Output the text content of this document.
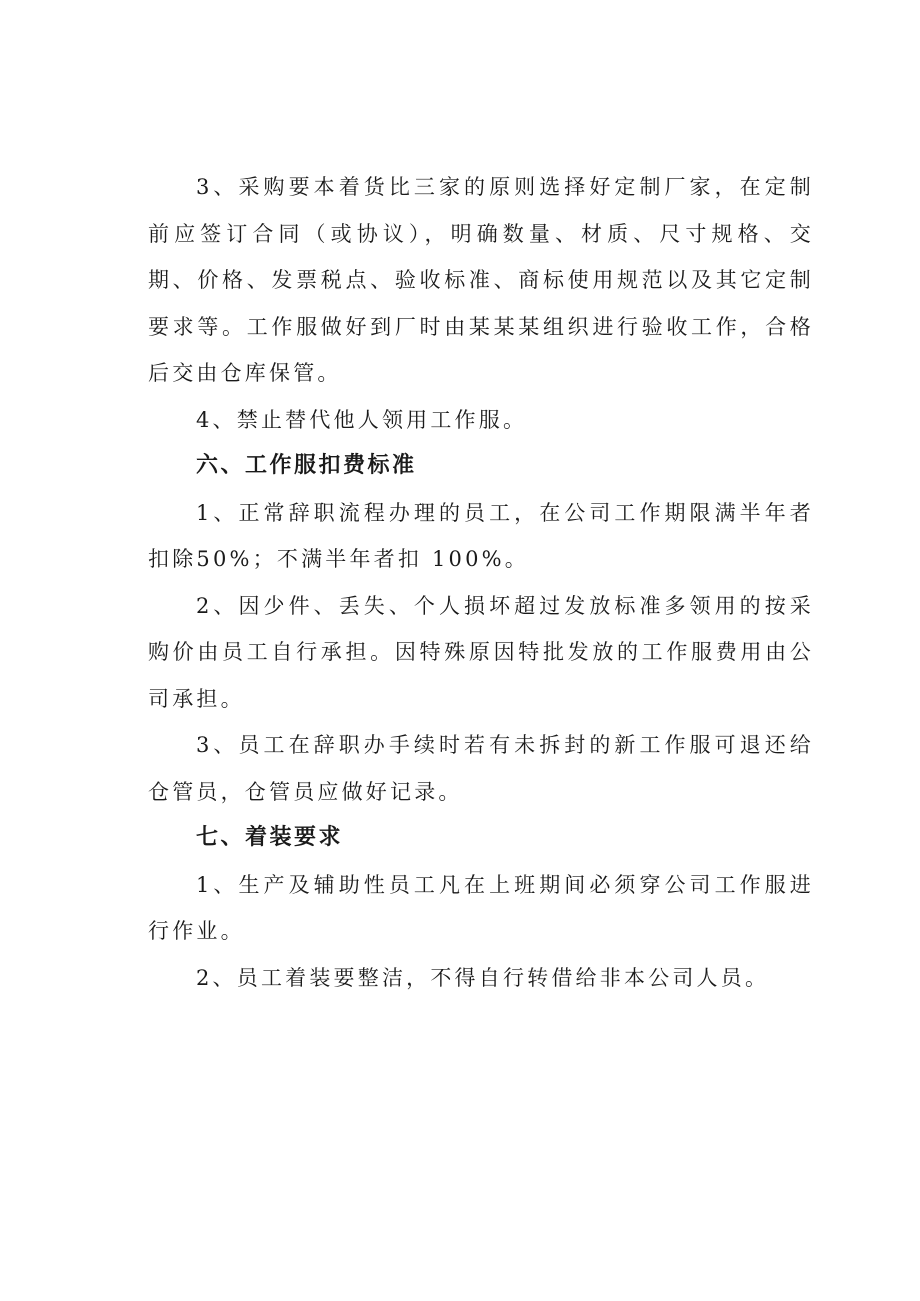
3、采购要本着货比三家的原则选择好定制厂家，在定制前应签订合同（或协议），明确数量、材质、尺寸规格、交期、价格、发票税点、验收标准、商标使用规范以及其它定制要求等。工作服做好到厂时由某某某组织进行验收工作，合格后交由仓库保管。

4、禁止替代他人领用工作服。

六、工作服扣费标准

1、正常辞职流程办理的员工，在公司工作期限满半年者扣除50%；不满半年者扣 100%。

2、因少件、丢失、个人损坏超过发放标准多领用的按采购价由员工自行承担。因特殊原因特批发放的工作服费用由公司承担。

3、员工在辞职办手续时若有未拆封的新工作服可退还给仓管员，仓管员应做好记录。

七、着装要求

1、生产及辅助性员工凡在上班期间必须穿公司工作服进行作业。

2、员工着装要整洁，不得自行转借给非本公司人员。
